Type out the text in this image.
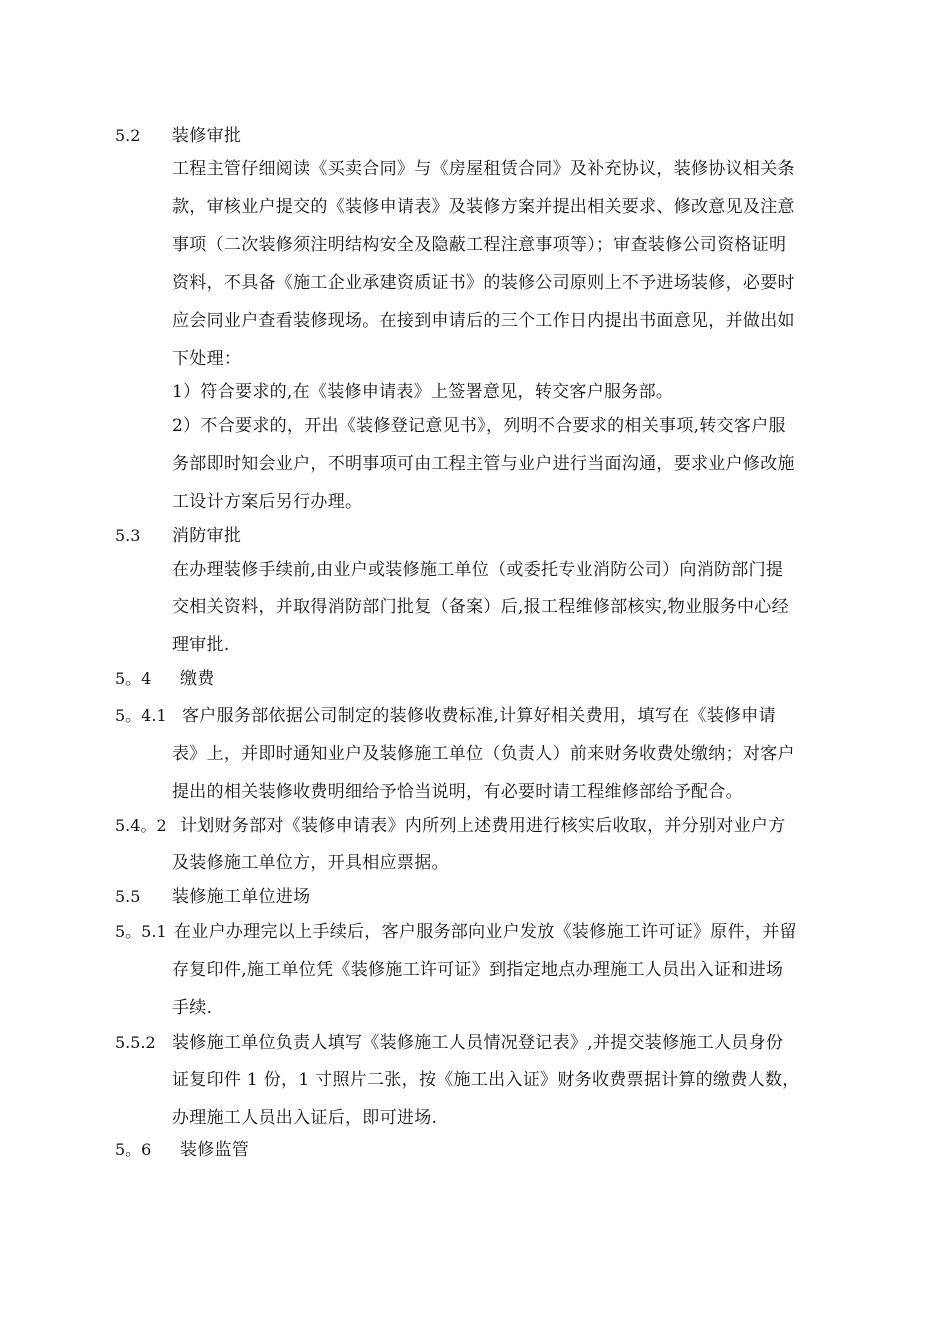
5.2 装修审批
工程主管仔细阅读《买卖合同》与《房屋租赁合同》及补充协议，装修协议相关条
款，审核业户提交的《装修申请表》及装修方案并提出相关要求、修改意见及注意
事项（二次装修须注明结构安全及隐蔽工程注意事项等）；审查装修公司资格证明
资料，不具备《施工企业承建资质证书》的装修公司原则上不予进场装修，必要时
应会同业户查看装修现场。在接到申请后的三个工作日内提出书面意见，并做出如
下处理：
1）符合要求的,在《装修申请表》上签署意见，转交客户服务部。
2）不合要求的，开出《装修登记意见书》，列明不合要求的相关事项,转交客户服
务部即时知会业户，不明事项可由工程主管与业户进行当面沟通，要求业户修改施
工设计方案后另行办理。
5.3 消防审批
在办理装修手续前,由业户或装修施工单位（或委托专业消防公司）向消防部门提
交相关资料，并取得消防部门批复（备案）后,报工程维修部核实,物业服务中心经
理审批.
5。4 缴费
5。4.1 客户服务部依据公司制定的装修收费标准,计算好相关费用，填写在《装修申请
表》上，并即时通知业户及装修施工单位（负责人）前来财务收费处缴纳；对客户
提出的相关装修收费明细给予恰当说明，有必要时请工程维修部给予配合。
5.4。2 计划财务部对《装修申请表》内所列上述费用进行核实后收取，并分别对业户方
及装修施工单位方，开具相应票据。
5.5 装修施工单位进场
5。5.1 在业户办理完以上手续后，客户服务部向业户发放《装修施工许可证》原件，并留
存复印件,施工单位凭《装修施工许可证》到指定地点办理施工人员出入证和进场
手续.
5.5.2 装修施工单位负责人填写《装修施工人员情况登记表》,并提交装修施工人员身份
证复印件 1 份，1 寸照片二张，按《施工出入证》财务收费票据计算的缴费人数，
办理施工人员出入证后，即可进场.
5。6 装修监管
